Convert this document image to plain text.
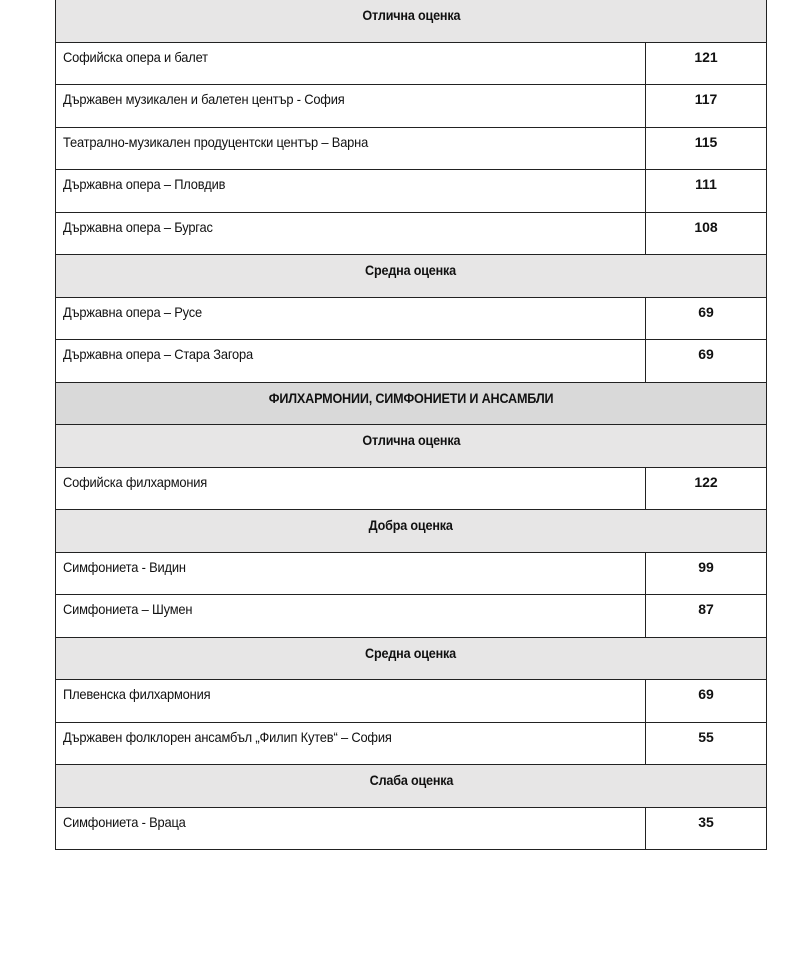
Отлична оценка
Софийска опера и балет	121
Държавен музикален и балетен център - София	117
Театрално-музикален продуцентски център – Варна	115
Държавна опера – Пловдив	111
Държавна опера – Бургас	108
Средна оценка
Държавна опера – Русе	69
Държавна опера – Стара Загора	69
ФИЛХАРМОНИИ, СИМФОНИЕТИ И АНСАМБЛИ
Отлична оценка
Софийска филхармония	122
Добра оценка
Симфониета - Видин	99
Симфониета – Шумен	87
Средна оценка
Плевенска филхармония	69
Държавен фолклорен ансамбъл „Филип Кутев“ – София	55
Слаба оценка
Симфониета - Враца	35
